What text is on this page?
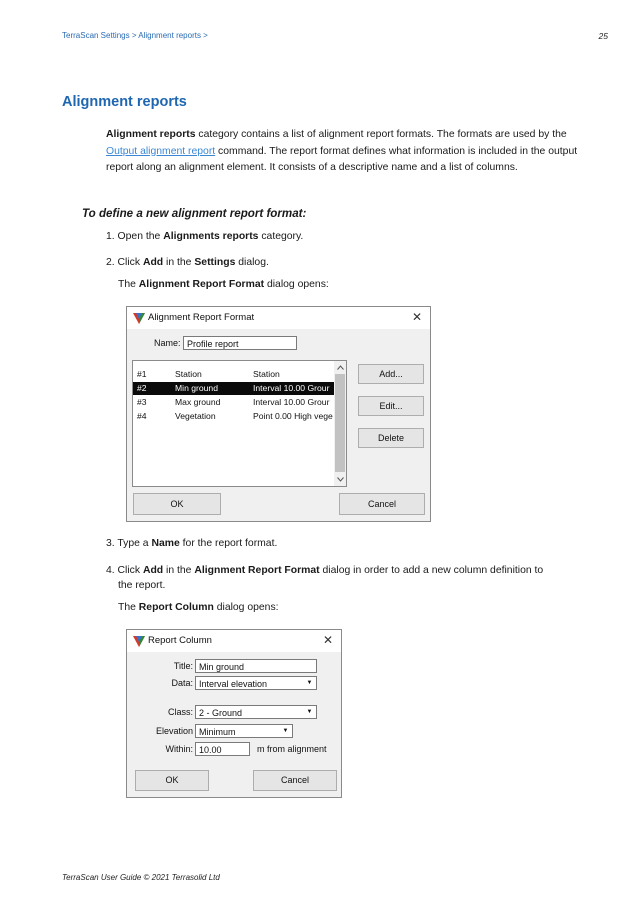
TerraScan Settings > Alignment reports >	25
Alignment reports
Alignment reports category contains a list of alignment report formats. The formats are used by the Output alignment report command. The report format defines what information is included in the output report along an alignment element. It consists of a descriptive name and a list of columns.
To define a new alignment report format:
1. Open the Alignments reports category.
2. Click Add in the Settings dialog.
The Alignment Report Format dialog opens:
Alignment Report Format	✕
Name: Profile report
#1	Station	Station
#2	Min ground	Interval 10.00 Grour
#3	Max ground	Interval 10.00 Grour
#4	Vegetation	Point 0.00 High vege
Add...
Edit...
Delete
OK	Cancel
3. Type a Name for the report format.
4. Click Add in the Alignment Report Format dialog in order to add a new column definition to
the report.
The Report Column dialog opens:
Report Column	✕
Title: Min ground
Data: Interval elevation	▼
Class: 2 - Ground	▼
Elevation Minimum	▼
Within: 10.00	m from alignment
OK	Cancel
TerraScan User Guide © 2021 Terrasolid Ltd
